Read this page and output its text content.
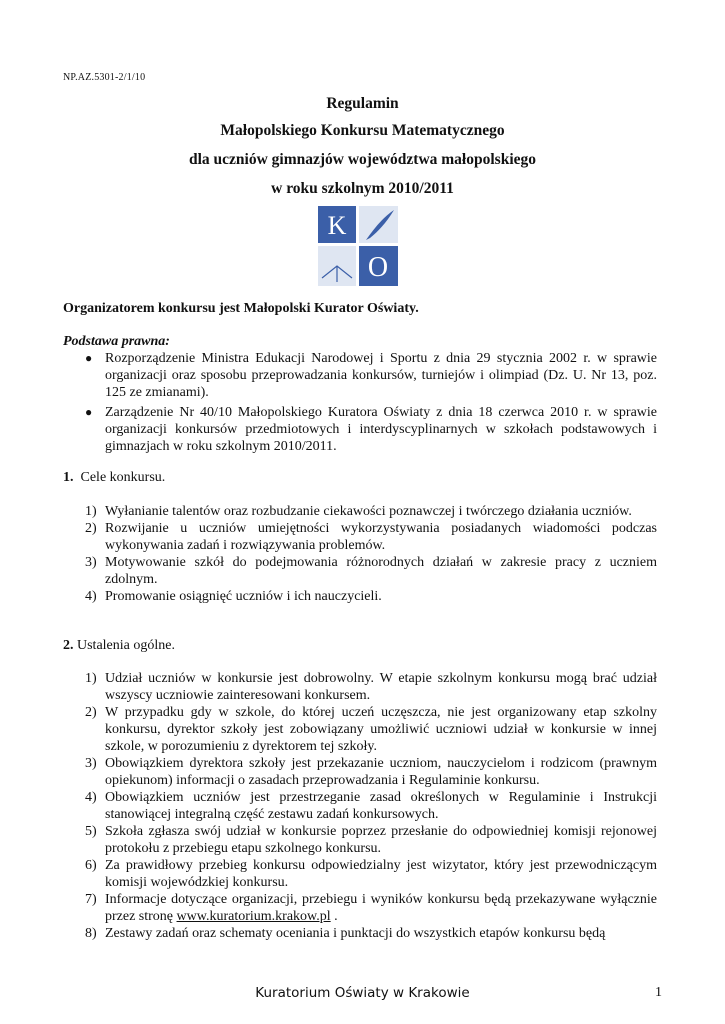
NP.AZ.5301-2/1/10
Regulamin
Małopolskiego Konkursu Matematycznego
dla uczniów gimnazjów województwa małopolskiego
w roku szkolnym 2010/2011
K
O
Organizatorem konkursu jest Małopolski Kurator Oświaty.
Podstawa prawna:
● Rozporządzenie Ministra Edukacji Narodowej i Sportu z dnia 29 stycznia 2002 r. w sprawie organizacji oraz sposobu przeprowadzania konkursów, turniejów i olimpiad (Dz. U. Nr 13, poz. 125 ze zmianami).
● Zarządzenie Nr 40/10 Małopolskiego Kuratora Oświaty z dnia 18 czerwca 2010 r. w sprawie organizacji konkursów przedmiotowych i interdyscyplinarnych w szkołach podstawowych i gimnazjach w roku szkolnym 2010/2011.
1. Cele konkursu.
1) Wyłanianie talentów oraz rozbudzanie ciekawości poznawczej i twórczego działania uczniów.
2) Rozwijanie u uczniów umiejętności wykorzystywania posiadanych wiadomości podczas wykonywania zadań i rozwiązywania problemów.
3) Motywowanie szkół do podejmowania różnorodnych działań w zakresie pracy z uczniem zdolnym.
4) Promowanie osiągnięć uczniów i ich nauczycieli.
2. Ustalenia ogólne.
1) Udział uczniów w konkursie jest dobrowolny. W etapie szkolnym konkursu mogą brać udział wszyscy uczniowie zainteresowani konkursem.
2) W przypadku gdy w szkole, do której uczeń uczęszcza, nie jest organizowany etap szkolny konkursu, dyrektor szkoły jest zobowiązany umożliwić uczniowi udział w konkursie w innej szkole, w porozumieniu z dyrektorem tej szkoły.
3) Obowiązkiem dyrektora szkoły jest przekazanie uczniom, nauczycielom i rodzicom (prawnym opiekunom) informacji o zasadach przeprowadzania i Regulaminie konkursu.
4) Obowiązkiem uczniów jest przestrzeganie zasad określonych w Regulaminie i Instrukcji stanowiącej integralną część zestawu zadań konkursowych.
5) Szkoła zgłasza swój udział w konkursie poprzez przesłanie do odpowiedniej komisji rejonowej protokołu z przebiegu etapu szkolnego konkursu.
6) Za prawidłowy przebieg konkursu odpowiedzialny jest wizytator, który jest przewodniczącym komisji wojewódzkiej konkursu.
7) Informacje dotyczące organizacji, przebiegu i wyników konkursu będą przekazywane wyłącznie przez stronę www.kuratorium.krakow.pl .
8) Zestawy zadań oraz schematy oceniania i punktacji do wszystkich etapów konkursu będą
Kuratorium Oświaty w Krakowie	1
